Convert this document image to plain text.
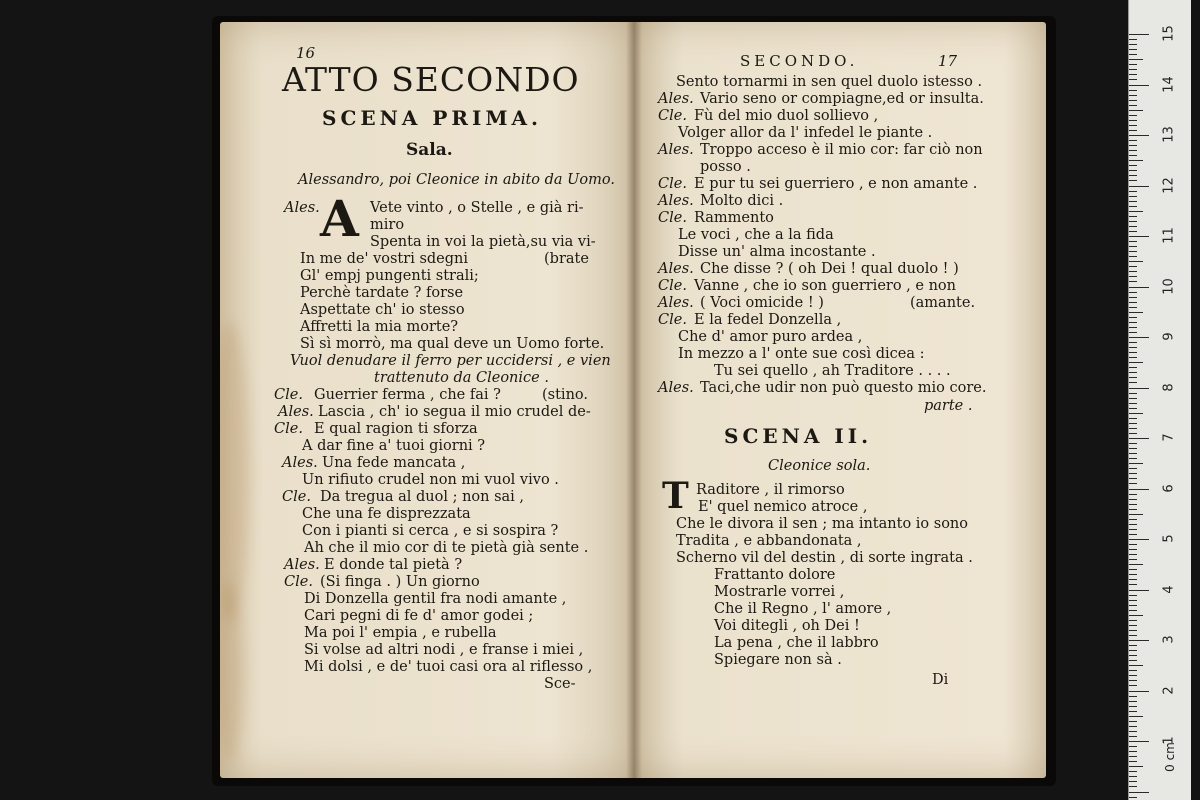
16
ATTO SECONDO
SCENA PRIMA.
Sala.
Alessandro, poi Cleonice in abito da Uomo.
Ales. A Vete vinto , o Stelle , e già ri-
miro
Spenta in voi la pietà,su via vi-
In me de' vostri sdegni	(brate
Gl' empj pungenti strali;
Perchè tardate ? forse
Aspettate ch' io stesso
Affretti la mia morte?
Sì sì morrò, ma qual deve un Uomo forte.
Vuol denudare il ferro per uccidersi , e vien
trattenuto da Cleonice .
Cle. Guerrier ferma , che fai ?	(stino.
Ales. Lascia , ch' io segua il mio crudel de-
Cle. E qual ragion ti sforza
A dar fine a' tuoi giorni ?
Ales. Una fede mancata ,
Un rifiuto crudel non mi vuol vivo .
Cle. Da tregua al duol ; non sai ,
Che una fe disprezzata
Con i pianti si cerca , e si sospira ?
Ah che il mio cor di te pietà già sente .
Ales. E donde tal pietà ?
Cle. (Si finga . ) Un giorno
Di Donzella gentil fra nodi amante ,
Cari pegni di fe d' amor godei ;
Ma poi l' empia , e rubella
Si volse ad altri nodi , e franse i miei ,
Mi dolsi , e de' tuoi casi ora al riflesso ,
Sce-
SECONDO.	17
Sento tornarmi in sen quel duolo istesso .
Ales. Vario seno or compiagne,ed or insulta.
Cle. Fù del mio duol sollievo ,
Volger allor da l' infedel le piante .
Ales. Troppo acceso è il mio cor: far ciò non
posso .
Cle. E pur tu sei guerriero , e non amante .
Ales. Molto dici .
Cle. Rammento
Le voci , che a la fida
Disse un' alma incostante .
Ales. Che disse ? ( oh Dei ! qual duolo ! )
Cle. Vanne , che io son guerriero , e non
Ales. ( Voci omicide ! )	(amante.
Cle. E la fedel Donzella ,
Che d' amor puro ardea ,
In mezzo a l' onte sue così dicea :
Tu sei quello , ah Traditore . . . .
Ales. Taci,che udir non può questo mio core.
parte .
SCENA II.
Cleonice sola.
T Raditore , il rimorso
E' quel nemico atroce ,
Che le divora il sen ; ma intanto io sono
Tradita , e abbandonata ,
Scherno vil del destin , di sorte ingrata .
Frattanto dolore
Mostrarle vorrei ,
Che il Regno , l' amore ,
Voi ditegli , oh Dei !
La pena , che il labbro
Spiegare non sà .
Di
0 cm
15
14
13
12
11
10
9
8
7
6
5
4
3
2
1
